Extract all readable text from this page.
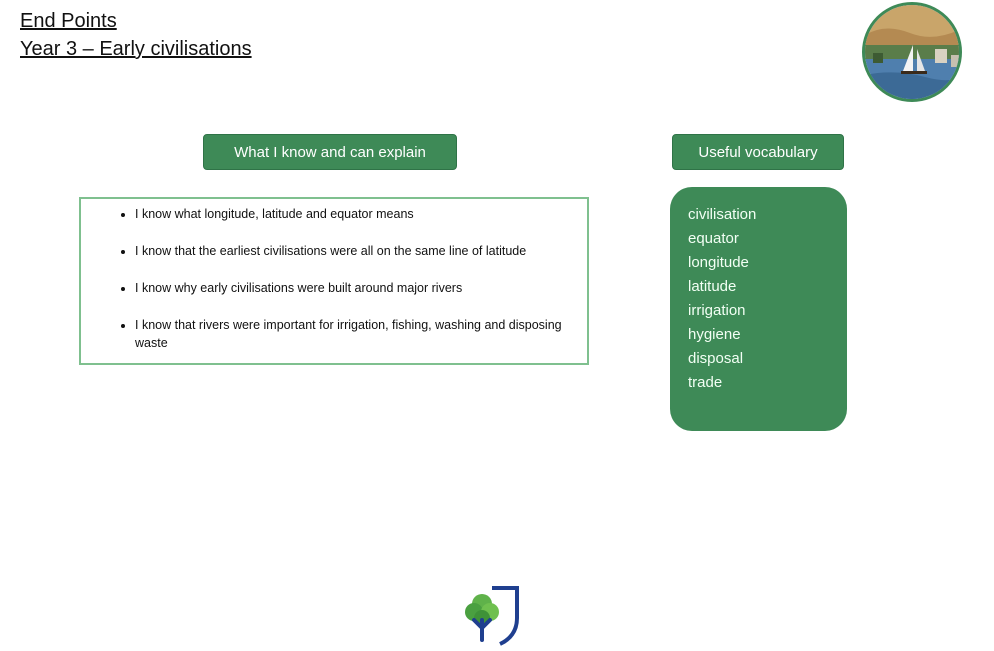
End Points
Year 3 – Early civilisations
What I know and can explain	Useful vocabulary
• I know what longitude, latitude and equator means
• I know that the earliest civilisations were all on the same line of latitude
• I know why early civilisations were built around major rivers
• I know that rivers were important for irrigation, fishing, washing and disposing waste
civilisation
equator
longitude
latitude
irrigation
hygiene
disposal
trade
